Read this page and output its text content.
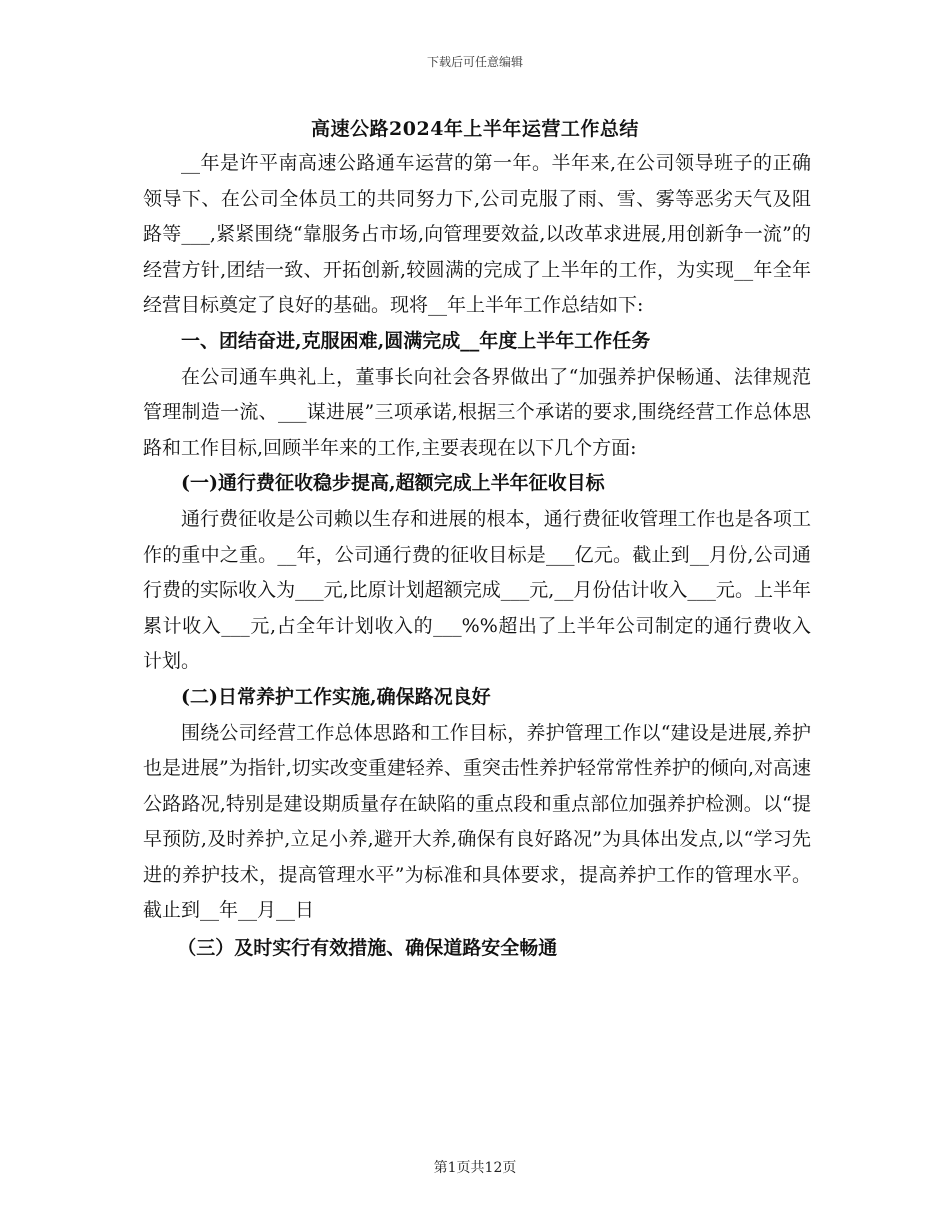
下载后可任意编辑
高速公路2024年上半年运营工作总结

__年是许平南高速公路通车运营的第一年。半年来,在公司领导班子的正确领导下、在公司全体员工的共同努力下,公司克服了雨、雪、雾等恶劣天气及阻路等___,紧紧围绕“靠服务占市场,向管理要效益,以改革求进展,用创新争一流”的经营方针,团结一致、开拓创新,较圆满的完成了上半年的工作，为实现__年全年经营目标奠定了良好的基础。现将__年上半年工作总结如下:

一、团结奋进,克服困难,圆满完成__年度上半年工作任务

在公司通车典礼上，董事长向社会各界做出了“加强养护保畅通、法律规范管理制造一流、___谋进展”三项承诺,根据三个承诺的要求,围绕经营工作总体思路和工作目标,回顾半年来的工作,主要表现在以下几个方面:

(一)通行费征收稳步提高,超额完成上半年征收目标

通行费征收是公司赖以生存和进展的根本，通行费征收管理工作也是各项工作的重中之重。__年，公司通行费的征收目标是___亿元。截止到__月份,公司通行费的实际收入为___元,比原计划超额完成___元,__月份估计收入___元。上半年累计收入___元,占全年计划收入的___%%超出了上半年公司制定的通行费收入计划。

(二)日常养护工作实施,确保路况良好

围绕公司经营工作总体思路和工作目标，养护管理工作以“建设是进展,养护也是进展”为指针,切实改变重建轻养、重突击性养护轻常常性养护的倾向,对高速公路路况,特别是建设期质量存在缺陷的重点段和重点部位加强养护检测。以“提早预防,及时养护,立足小养,避开大养,确保有良好路况”为具体出发点,以“学习先进的养护技术，提高管理水平”为标准和具体要求，提高养护工作的管理水平。截止到__年__月__日

（三）及时实行有效措施、确保道路安全畅通

第1页共12页
